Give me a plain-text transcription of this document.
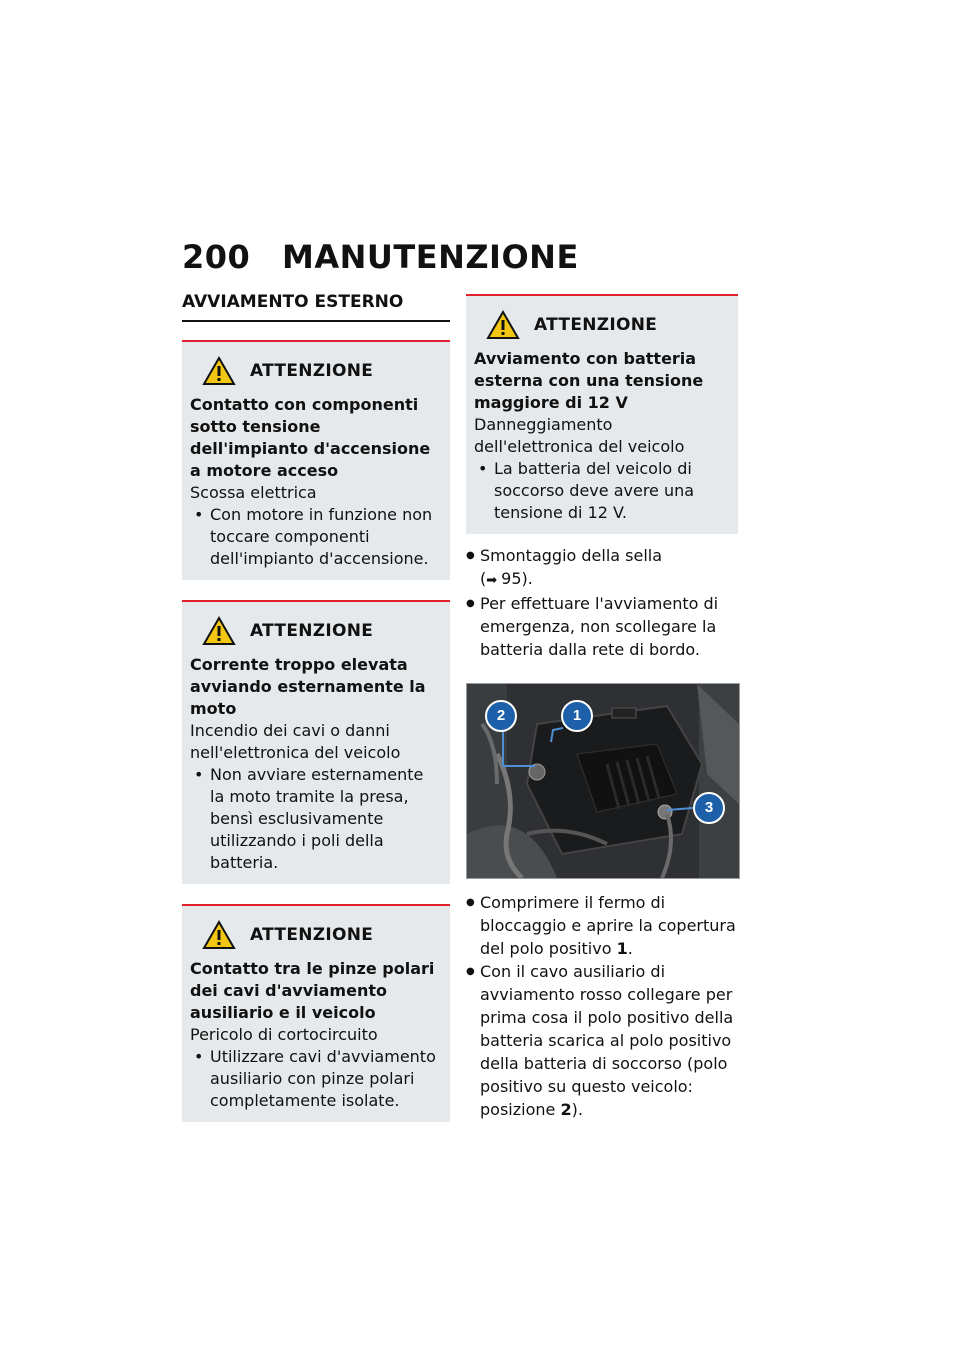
200 MANUTENZIONE
AVVIAMENTO ESTERNO
ATTENZIONE
Contatto con componenti sotto tensione dell'impianto d'accensione a motore acceso
Scossa elettrica
• Con motore in funzione non toccare componenti dell'impianto d'accensione.
ATTENZIONE
Corrente troppo elevata avviando esternamente la moto
Incendio dei cavi o danni nell'elettronica del veicolo
• Non avviare esternamente la moto tramite la presa, bensì esclusivamente utilizzando i poli della batteria.
ATTENZIONE
Contatto tra le pinze polari dei cavi d'avviamento ausiliario e il veicolo
Pericolo di cortocircuito
• Utilizzare cavi d'avviamento ausiliario con pinze polari completamente isolate.
ATTENZIONE
Avviamento con batteria esterna con una tensione maggiore di 12 V
Danneggiamento dell'elettronica del veicolo
• La batteria del veicolo di soccorso deve avere una tensione di 12 V.

● Smontaggio della sella
(➡ 95).

● Per effettuare l'avviamento di emergenza, non scollegare la batteria dalla rete di bordo.

1
2
3

● Comprimere il fermo di bloccaggio e aprire la copertura del polo positivo 1.

● Con il cavo ausiliario di avviamento rosso collegare per prima cosa il polo positivo della batteria scarica al polo positivo della batteria di soccorso (polo positivo su questo veicolo: posizione 2).
